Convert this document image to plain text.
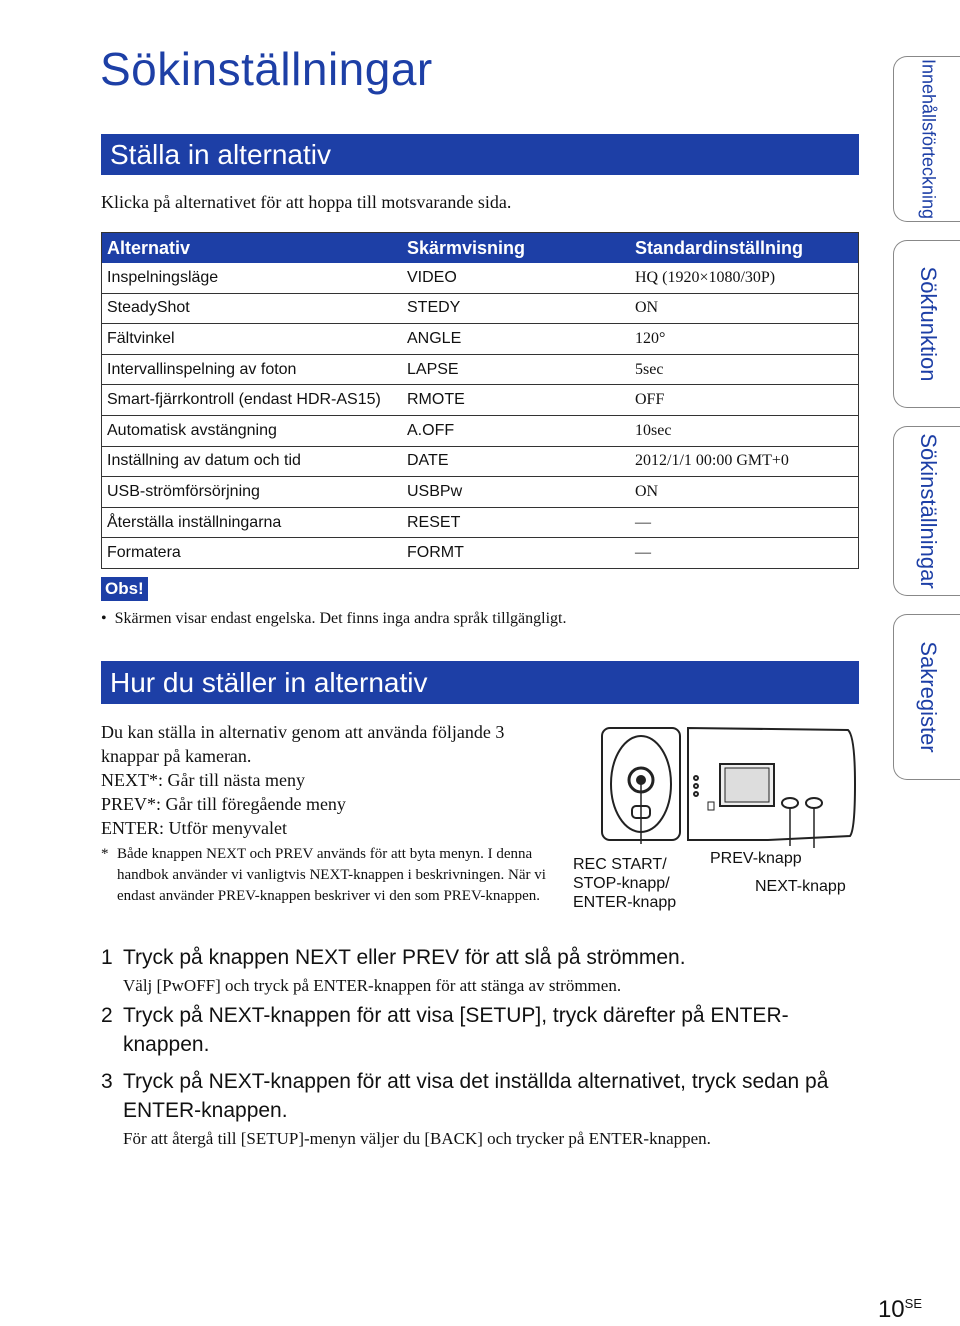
Sökinställningar
Ställa in alternativ
Klicka på alternativet för att hoppa till motsvarande sida.
Alternativ	Skärmvisning	Standardinställning
Inspelningsläge	VIDEO	HQ (1920×1080/30P)
SteadyShot	STEDY	ON
Fältvinkel	ANGLE	120°
Intervallinspelning av foton	LAPSE	5sec
Smart-fjärrkontroll (endast HDR-AS15)	RMOTE	OFF
Automatisk avstängning	A.OFF	10sec
Inställning av datum och tid	DATE	2012/1/1 00:00 GMT+0
USB-strömförsörjning	USBPw	ON
Återställa inställningarna	RESET	—
Formatera	FORMT	—
Obs!
•  Skärmen visar endast engelska. Det finns inga andra språk tillgängligt.
Hur du ställer in alternativ
Du kan ställa in alternativ genom att använda följande 3 knappar på kameran.
NEXT*: Går till nästa meny
PREV*: Går till föregående meny
ENTER: Utför menyvalet
* Både knappen NEXT och PREV används för att byta menyn. I denna handbok använder vi vanligtvis NEXT-knappen i beskrivningen. När vi endast använder PREV-knappen beskriver vi den som PREV-knappen.
REC START/
STOP-knapp/
ENTER-knapp
PREV-knapp
NEXT-knapp
1 Tryck på knappen NEXT eller PREV för att slå på strömmen.
Välj [PwOFF] och tryck på ENTER-knappen för att stänga av strömmen.
2 Tryck på NEXT-knappen för att visa [SETUP], tryck därefter på ENTER-knappen.
3 Tryck på NEXT-knappen för att visa det inställda alternativet, tryck sedan på ENTER-knappen.
För att återgå till [SETUP]-menyn väljer du [BACK] och trycker på ENTER-knappen.
Innehållsförteckning
Sökfunktion
Sökinställningar
Sakregister
$10^{SE}$
